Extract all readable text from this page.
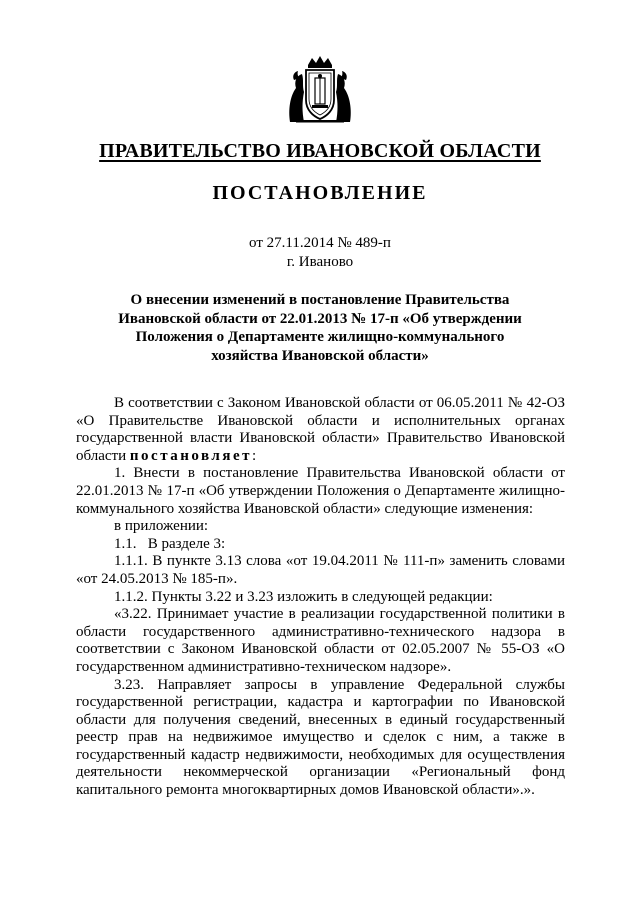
ПРАВИТЕЛЬСТВО ИВАНОВСКОЙ ОБЛАСТИ
ПОСТАНОВЛЕНИЕ
от 27.11.2014 № 489-п
г. Иваново
О внесении изменений в постановление Правительства
Ивановской области от 22.01.2013 № 17-п «Об утверждении
Положения о Департаменте жилищно-коммунального
хозяйства Ивановской области»

В соответствии с Законом Ивановской области от 06.05.2011 № 42-ОЗ «О Правительстве Ивановской области и исполнительных органах государственной власти Ивановской области» Правительство Ивановской области постановляет:

1. Внести в постановление Правительства Ивановской области от 22.01.2013 № 17-п «Об утверждении Положения о Департаменте жилищно-коммунального хозяйства Ивановской области» следующие изменения:

в приложении:

1.1.   В разделе 3:

1.1.1. В пункте 3.13 слова «от 19.04.2011 № 111-п» заменить словами «от 24.05.2013 № 185-п».

1.1.2. Пункты 3.22 и 3.23 изложить в следующей редакции:

«3.22. Принимает участие в реализации государственной политики в области государственного административно-технического надзора в соответствии с Законом Ивановской области от 02.05.2007 № 55-ОЗ «О государственном административно-техническом надзоре».

3.23. Направляет запросы в управление Федеральной службы государственной регистрации, кадастра и картографии по Ивановской области для получения сведений, внесенных в единый государственный реестр прав на недвижимое имущество и сделок с ним, а также в государственный кадастр недвижимости, необходимых для осуществления деятельности некоммерческой организации «Региональный фонд капитального ремонта многоквартирных домов Ивановской области».».
